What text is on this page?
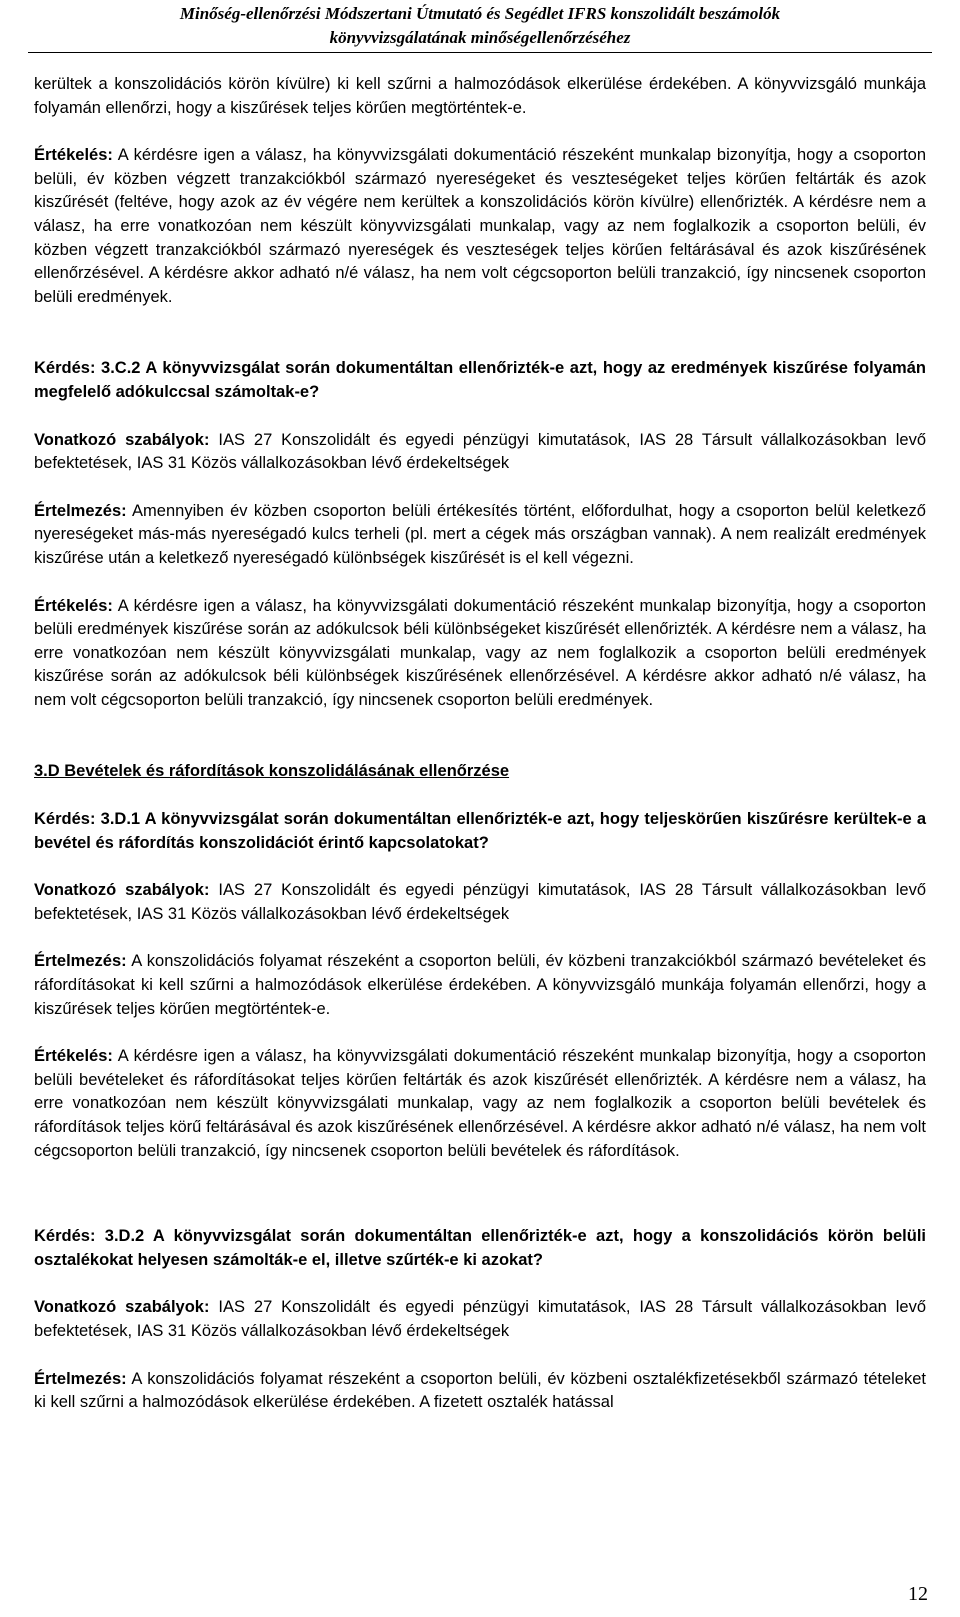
Minőség-ellenőrzési Módszertani Útmutató és Segédlet IFRS konszolidált beszámolók
könyvvizsgálatának minőségellenőrzéséhez

kerültek a konszolidációs körön kívülre) ki kell szűrni a halmozódások elkerülése érdekében. A könyvvizsgáló munkája folyamán ellenőrzi, hogy a kiszűrések teljes körűen megtörténtek-e.

Értékelés: A kérdésre igen a válasz, ha könyvvizsgálati dokumentáció részeként munkalap bizonyítja, hogy a csoporton belüli, év közben végzett tranzakciókból származó nyereségeket és veszteségeket teljes körűen feltárták és azok kiszűrését (feltéve, hogy azok az év végére nem kerültek a konszolidációs körön kívülre) ellenőrizték. A kérdésre nem a válasz, ha erre vonatkozóan nem készült könyvvizsgálati munkalap, vagy az nem foglalkozik a csoporton belüli, év közben végzett tranzakciókból származó nyereségek és veszteségek teljes körűen feltárásával és azok kiszűrésének ellenőrzésével. A kérdésre akkor adható n/é válasz, ha nem volt cégcsoporton belüli tranzakció, így nincsenek csoporton belüli eredmények.

Kérdés: 3.C.2 A könyvvizsgálat során dokumentáltan ellenőrizték-e azt, hogy az eredmények kiszűrése folyamán megfelelő adókulccsal számoltak-e?

Vonatkozó szabályok: IAS 27 Konszolidált és egyedi pénzügyi kimutatások, IAS 28 Társult vállalkozásokban levő befektetések, IAS 31 Közös vállalkozásokban lévő érdekeltségek

Értelmezés: Amennyiben év közben csoporton belüli értékesítés történt, előfordulhat, hogy a csoporton belül keletkező nyereségeket más-más nyereségadó kulcs terheli (pl. mert a cégek más országban vannak). A nem realizált eredmények kiszűrése után a keletkező nyereségadó különbségek kiszűrését is el kell végezni.

Értékelés: A kérdésre igen a válasz, ha könyvvizsgálati dokumentáció részeként munkalap bizonyítja, hogy a csoporton belüli eredmények kiszűrése során az adókulcsok béli különbségeket kiszűrését ellenőrizték. A kérdésre nem a válasz, ha erre vonatkozóan nem készült könyvvizsgálati munkalap, vagy az nem foglalkozik a csoporton belüli eredmények kiszűrése során az adókulcsok béli különbségek kiszűrésének ellenőrzésével. A kérdésre akkor adható n/é válasz, ha nem volt cégcsoporton belüli tranzakció, így nincsenek csoporton belüli eredmények.

3.D Bevételek és ráfordítások konszolidálásának ellenőrzése

Kérdés: 3.D.1 A könyvvizsgálat során dokumentáltan ellenőrizték-e azt, hogy teljeskörűen kiszűrésre kerültek-e a bevétel és ráfordítás konszolidációt érintő kapcsolatokat?

Vonatkozó szabályok: IAS 27 Konszolidált és egyedi pénzügyi kimutatások, IAS 28 Társult vállalkozásokban levő befektetések, IAS 31 Közös vállalkozásokban lévő érdekeltségek

Értelmezés: A konszolidációs folyamat részeként a csoporton belüli, év közbeni tranzakciókból származó bevételeket és ráfordításokat ki kell szűrni a halmozódások elkerülése érdekében. A könyvvizsgáló munkája folyamán ellenőrzi, hogy a kiszűrések teljes körűen megtörténtek-e.

Értékelés: A kérdésre igen a válasz, ha könyvvizsgálati dokumentáció részeként munkalap bizonyítja, hogy a csoporton belüli bevételeket és ráfordításokat teljes körűen feltárták és azok kiszűrését ellenőrizték. A kérdésre nem a válasz, ha erre vonatkozóan nem készült könyvvizsgálati munkalap, vagy az nem foglalkozik a csoporton belüli bevételek és ráfordítások teljes körű feltárásával és azok kiszűrésének ellenőrzésével. A kérdésre akkor adható n/é válasz, ha nem volt cégcsoporton belüli tranzakció, így nincsenek csoporton belüli bevételek és ráfordítások.

Kérdés: 3.D.2 A könyvvizsgálat során dokumentáltan ellenőrizték-e azt, hogy a konszolidációs körön belüli osztalékokat helyesen számolták-e el, illetve szűrték-e ki azokat?

Vonatkozó szabályok: IAS 27 Konszolidált és egyedi pénzügyi kimutatások, IAS 28 Társult vállalkozásokban levő befektetések, IAS 31 Közös vállalkozásokban lévő érdekeltségek

Értelmezés: A konszolidációs folyamat részeként a csoporton belüli, év közbeni osztalékfizetésekből származó tételeket ki kell szűrni a halmozódások elkerülése érdekében. A fizetett osztalék hatással

12
